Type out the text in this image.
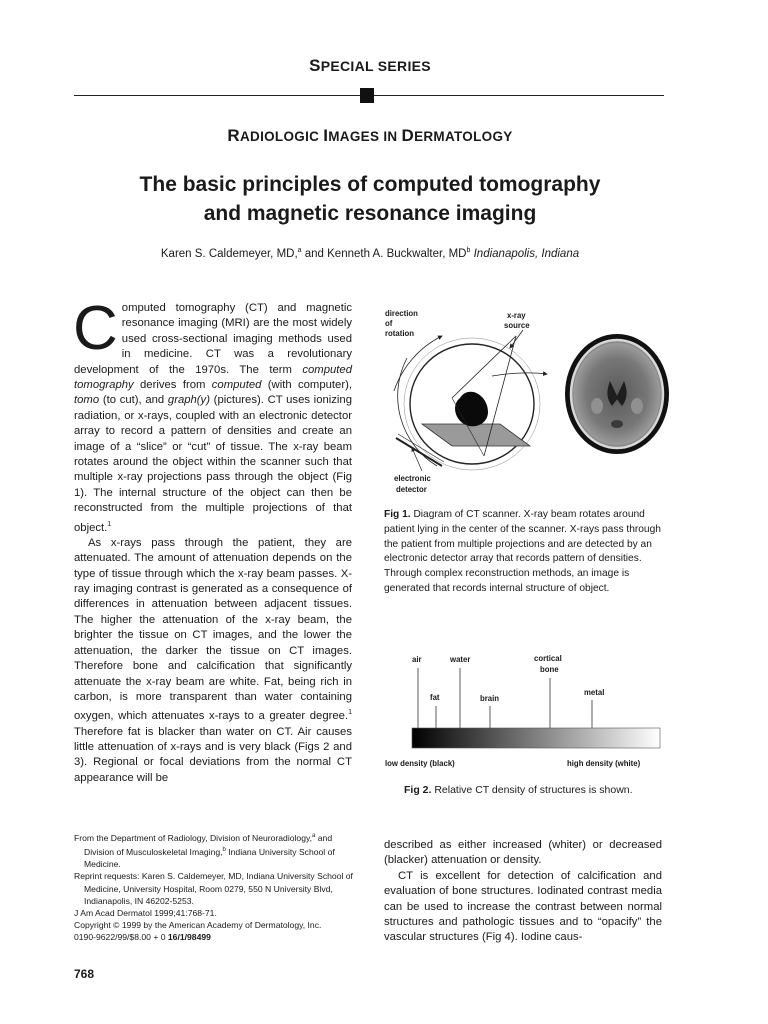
SPECIAL SERIES
RADIOLOGIC IMAGES IN DERMATOLOGY
The basic principles of computed tomography
and magnetic resonance imaging
Karen S. Caldemeyer, MD,$^a$ and Kenneth A. Buckwalter, $MD^b$ Indianapolis, Indiana

Computed tomography (CT) and magnetic resonance imaging (MRI) are the most widely used cross-sectional imaging methods used in medicine. CT was a revolutionary development of the 1970s. The term computed tomography derives from computed (with computer), tomo (to cut), and graph(y) (pictures). CT uses ionizing radiation, or x-rays, coupled with an electronic detector array to record a pattern of densities and create an image of a “slice” or “cut” of tissue. The x-ray beam rotates around the object within the scanner such that multiple x-ray projections pass through the object (Fig 1). The internal structure of the object can then be reconstructed from the multiple projections of that object.$^1$

As x-rays pass through the patient, they are attenuated. The amount of attenuation depends on the type of tissue through which the x-ray beam passes. X-ray imaging contrast is generated as a consequence of differences in attenuation between adjacent tissues. The higher the attenuation of the x-ray beam, the brighter the tissue on CT images, and the lower the attenuation, the darker the tissue on CT images. Therefore bone and calcification that significantly attenuate the x-ray beam are white. Fat, being rich in carbon, is more transparent than water containing oxygen, which attenuates x-rays to a greater degree.$^1$ Therefore fat is blacker than water on CT. Air causes little attenuation of x-rays and is very black (Figs 2 and 3). Regional or focal deviations from the normal CT appearance will be

direction
of
rotation
x-ray
source
electronic
detector
Fig 1. Diagram of CT scanner. X-ray beam rotates around patient lying in the center of the scanner. X-rays pass through the patient from multiple projections and are detected by an electronic detector array that records pattern of densities. Through complex reconstruction methods, an image is generated that records internal structure of object.
air	water	cortical
bone
fat	brain
metal
low density (black)	high density (white)
Fig 2. Relative CT density of structures is shown.

From the Department of Radiology, Division of Neuroradiology,$^a$ and Division of Musculoskeletal Imaging,$^b$ Indiana University School of Medicine.

Reprint requests: Karen S. Caldemeyer, MD, Indiana University School of Medicine, University Hospital, Room 0279, 550 N University Blvd, Indianapolis, IN 46202-5253.

J Am Acad Dermatol 1999;41:768-71.

Copyright © 1999 by the American Academy of Dermatology, Inc.

0190-9622/99/$8.00 + 0 16/1/98499

described as either increased (whiter) or decreased (blacker) attenuation or density.

CT is excellent for detection of calcification and evaluation of bone structures. Iodinated contrast media can be used to increase the contrast between normal structures and pathologic tissues and to “opacify” the vascular structures (Fig 4). Iodine caus-

768
